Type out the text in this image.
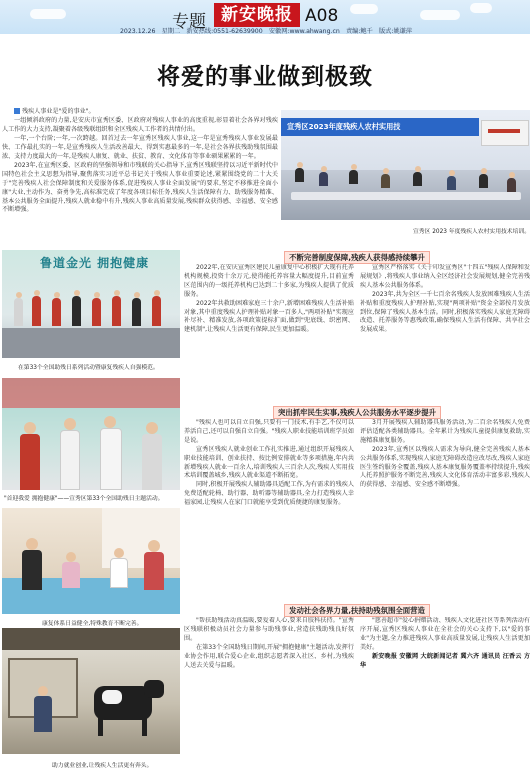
专题 新安晚报 A08
2023.12.26　星期二　新安热线:0551-62639900　安徽网:www.ahwang.cn　责编:鲍千　版式:姚谦萍
将爱的事业做到极致

残疾人事业是"爱的事业"。

一组倾斜政府的力量,是安庆市宣秀区委、区政府对残疾人事业的高度重视,彰显着社会各界对残疾人工作的大力支持,凝聚着各级残联组织和全区残疾人工作者的共情付出。

一年,一个台阶;一年,一次跨越。回首过去一年宣秀区残疾人事业,这一年是宣秀残疾人事业发展最快、工作最扎实的一年,是宣秀残疾人生活改善最大、得到实惠最多的一年,是社会各界扶残助残氛围最浓、支持力度最大的一年,是残疾人康复、就业、扶贫、教育、文化体育等事业硕果累累的一年。

2023年,在宣秀区委、区政府的坚强领导和市残联的关心指导下,宣秀区残联坚持以习近平新时代中国特色社会主义思想为指导,聚焦落实习近平总书记关于残疾人事业重要论述,紧紧围绕党的二十大关于"完善残疾人社会保障制度和关爱服务体系,促进残疾人事业全面发展"的要求,坚定不移推进全面小康"大业,主动作为、奋勇争先,高标准完成了年度各项目标任务,残疾人生活保障有力、助残服务精准、基本公共服务全面提升,残疾人就业稳中有升,残疾人事业高质量发展,残疾群众获得感、幸福感、安全感不断增强。

宣秀区2023年度残疾人农村实用技
宣秀区 2023 年度残疾人农村实用技术培训。
鲁道金光 拥抱健康
在第33个全国助残日系列活动暨康复残疾人自强模范。
不断完善制度保障,残疾人获得感持续攀升
2022年,在安庆宣秀区建民儿童康复中心积极扩大现有托养机构规模,投资十余万元,使得能托养容量大幅度提升,目前宣秀区范围内的一级托养机构已达到二十多家,为残疾人提供了优质服务。
2022年共救助困难家庭三十余户,新增困难残疾人生活补贴对象,其中重度残疾人护理补贴对象一百多人,"两项补贴"实现应补尽补、精准发放,各项政策提标扩面,做到"兜底线、织密网、建机制",让残疾人生活更有保障,民生更加温暖。
宣秀区严格落实《关于印发宣秀区"十四五"残疾人保障和发展规划》,将残疾人事业纳入全区经济社会发展规划,健全完善残疾人基本公共服务体系。
2023年,共为全区一千七百余名残疾人发放困难残疾人生活补贴和重度残疾人护理补贴,实现"两项补贴"资金全部按月发放到位,保障了残疾人基本生活。同时,积极落实残疾人家庭无障碍改造、托养服务等惠残政策,确保残疾人生活有保障、共享社会发展成果。
"首迎我爱 拥抱健康"——宣秀区第33个全国助残日主题活动。
突出抓牢民生实事,残疾人公共服务水平逐步提升
"残疾人也可以自立自强,只要有一门技术,有手艺,不仅可以养活自己,还可以自强自立自强。"残疾人职业技能培训班学员如是说。
宣秀区残疾人就业创业工作扎实推进,通过组织开展残疾人职业技能培训、创业扶持、按比例安排就业等多项措施,年内共新增残疾人就业一百余人,培训残疾人三百余人次,残疾人实用技术培训覆盖城乡,残疾人就业渠道不断拓宽。
同时,积极开展残疾人辅助器具适配工作,为有需求的残疾人免费适配轮椅、助行器、助听器等辅助器具,全力打造残疾人幸福家园,让残疾人在家门口就能享受到优质便捷的康复服务。
3月开展残疾人辅助器具服务活动,为二百余名残疾人免费评估适配各类辅助器具。全年累计为残疾儿童提供康复救助,实施精准康复服务。
2023年,宣秀区以残疾人需求为导向,健全完善残疾人基本公共服务体系,实现残疾人家庭无障碍改造应改尽改,残疾人家庭医生签约服务全覆盖,残疾人基本康复服务覆盖率持续提升,残疾人托养照护服务不断完善,残疾人文化体育活动丰富多彩,残疾人的获得感、幸福感、安全感不断增强。
康复体系日益健全,特殊教育不断完善。
发动社会各界力量,扶持助残氛围全面营造
"帮扶助残活动真温暖,要爱着人心,要来自肢科扶持。"宣秀区残联积极动员社会力量参与助残事业,营造扶残助残良好氛围。
在第33个全国助残日期间,开展"拥抱健康"主题活动,发挥行业协会作用,联合爱心企业,组织志愿者深入社区、乡村,为残疾人送去关爱与温暖。
"慈善超市"爱心捐赠活动、残疾人文化进社区等系列活动有序开展,宣秀区残疾人事业在全社会的关心支持下,以"爱的事业"为主题,全力推进残疾人事业高质量发展,让残疾人生活更加美好。
新安晚报 安徽网 大皖新闻记者 冀六齐 通讯员 汪香云 方华
助力就业创业,让残疾人生活更有奔头。
